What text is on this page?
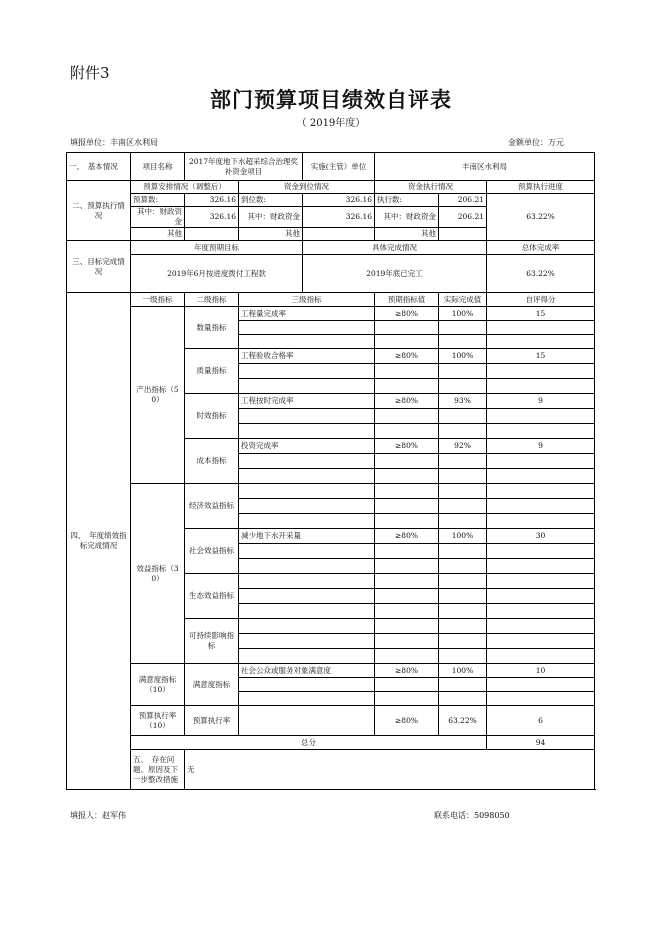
附件3
部门预算项目绩效自评表
（ 2019年度）
填报单位：丰南区水利局	金额单位：万元
一、　基本情况	项目名称	2017年度地下水超采综合治理奖补资金项目		实施(主管）单位	丰南区水利局		
二、预算执行情况	预算安排情况（调整后）		资金到位情况		资金执行情况		预算执行进度
	预算数:	326.16	到位数:	326.16	执行数:	206.21	63.22%
	其中：财政资金	326.16	其中：财政资金	326.16	其中：财政资金	206.21	
	其他		其他		其他		
三、目标完成情况	年度预期目标			具体完成情况			总体完成率
	2019年6月按进度拨付工程款			2019年底已完工			63.22%
四、　年度绩效指标完成情况	一级指标	二级指标	三级指标		预期指标值	实际完成值	自评得分
	产出指标（50）	数量指标	工程量完成率		≥80%	100%	15

		质量指标	工程验收合格率		≥80%	100%	15

		时效指标	工程按时完成率		≥80%	93%	9

		成本指标	投资完成率		≥80%	92%	9

	效益指标（30）	经济效益指标					

		社会效益指标	减少地下水开采量		≥80%	100%	30

		生态效益指标					

		可持续影响指标					

	满意度指标（10）	满意度指标	社会公众或服务对象满意度		≥80%	100%	10

	预算执行率（10）	预算执行率			≥80%	63.22%	6
	总分						94
	五、　存在问题、原因及下一步整改措施	无					
填报人：赵军伟	联系电话：5098050
